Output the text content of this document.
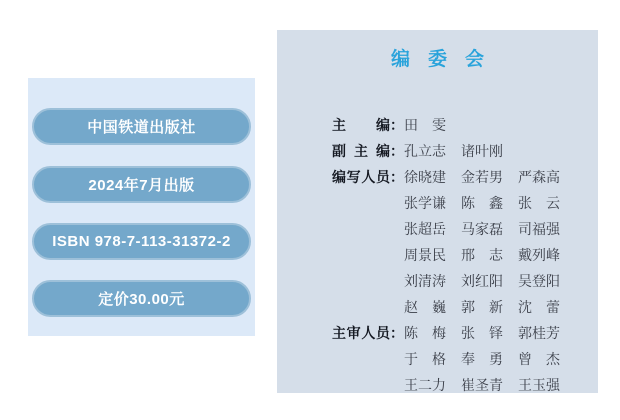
中国铁道出版社
2024年7月出版
ISBN 978-7-113-31372-2
定价30.00元
编委会
主编 ： 田　雯
副主编 ： 孔立志 诸叶刚
编写人员 ： 徐晓建 金若男 严森高
张学谦 陈　鑫 张　云
张超岳 马家磊 司福强
周景民 邢　志 戴列峰
刘清涛 刘红阳 吴登阳
赵　巍 郭　新 沈　蕾
主审人员 ： 陈　梅 张　铎 郭桂芳
于　格 奉　勇 曾　杰
王二力 崔圣青 王玉强
